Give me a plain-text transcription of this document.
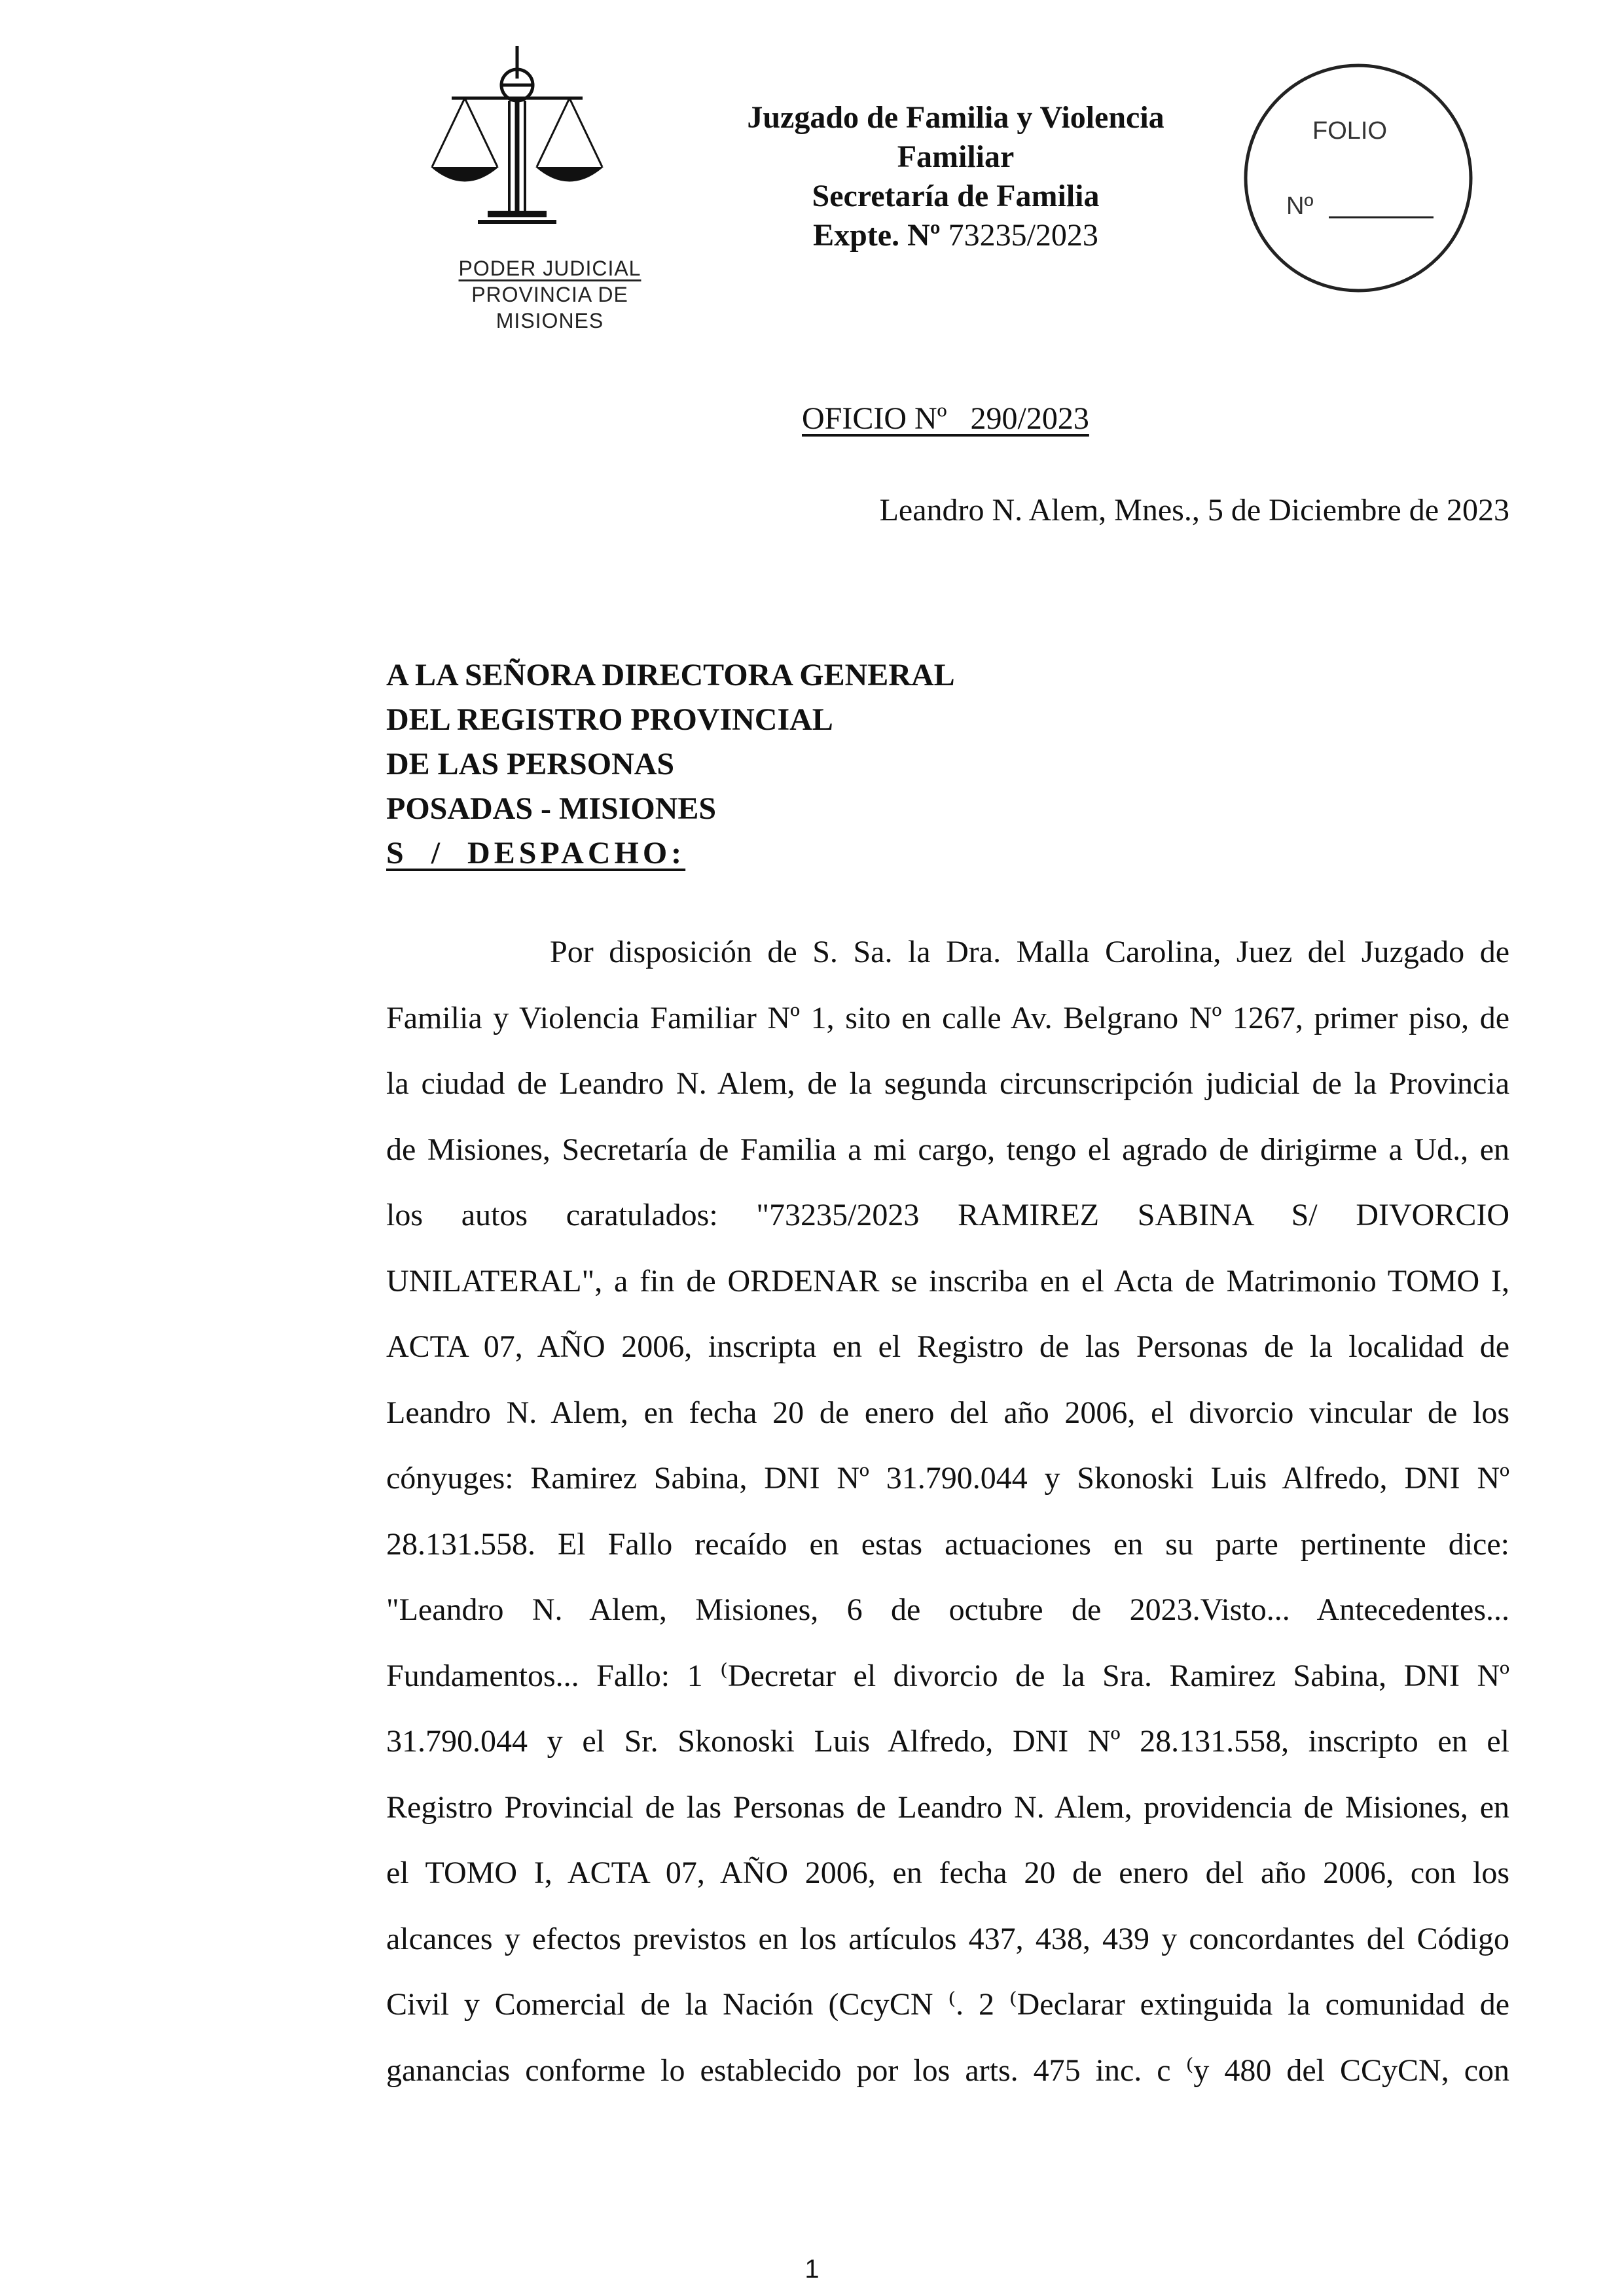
PODER JUDICIAL
PROVINCIA DE MISIONES
Juzgado de Familia y Violencia
Familiar
Secretaría de Familia
Expte. Nº 73235/2023
FOLIO
Nº
OFICIO Nº   290/2023
Leandro N. Alem, Mnes., 5 de Diciembre de 2023
A LA SEÑORA DIRECTORA GENERAL
DEL REGISTRO PROVINCIAL
DE LAS PERSONAS
POSADAS - MISIONES
S  /  DESPACHO:
Por disposición de S. Sa. la Dra. Malla Carolina, Juez del Juzgado de
Familia y Violencia Familiar Nº 1, sito en calle Av. Belgrano Nº 1267, primer piso, de
la ciudad de Leandro N. Alem, de la segunda circunscripción judicial de la Provincia
de Misiones, Secretaría de Familia a mi cargo, tengo el agrado de dirigirme a Ud., en
los autos caratulados: "73235/2023 RAMIREZ SABINA S/ DIVORCIO
UNILATERAL", a fin de ORDENAR se inscriba en el Acta de Matrimonio TOMO I,
ACTA 07, AÑO 2006, inscripta en el Registro de las Personas de la localidad de
Leandro N. Alem, en fecha 20 de enero del año 2006, el divorcio vincular de los
cónyuges: Ramirez Sabina, DNI Nº 31.790.044 y Skonoski Luis Alfredo, DNI Nº
28.131.558. El Fallo recaído en estas actuaciones en su parte pertinente dice:
"Leandro N. Alem, Misiones, 6 de octubre de 2023.Visto... Antecedentes...
Fundamentos... Fallo: 1 ⁽Decretar el divorcio de la Sra. Ramirez Sabina, DNI Nº
31.790.044 y el Sr. Skonoski Luis Alfredo, DNI Nº 28.131.558, inscripto en el
Registro Provincial de las Personas de Leandro N. Alem, providencia de Misiones, en
el TOMO I, ACTA 07, AÑO 2006, en fecha 20 de enero del año 2006, con los
alcances y efectos previstos en los artículos 437, 438, 439 y concordantes del Código
Civil y Comercial de la Nación (CcyCN ⁽. 2 ⁽Declarar extinguida la comunidad de
ganancias conforme lo establecido por los arts. 475 inc. c ⁽y 480 del CCyCN, con
1
